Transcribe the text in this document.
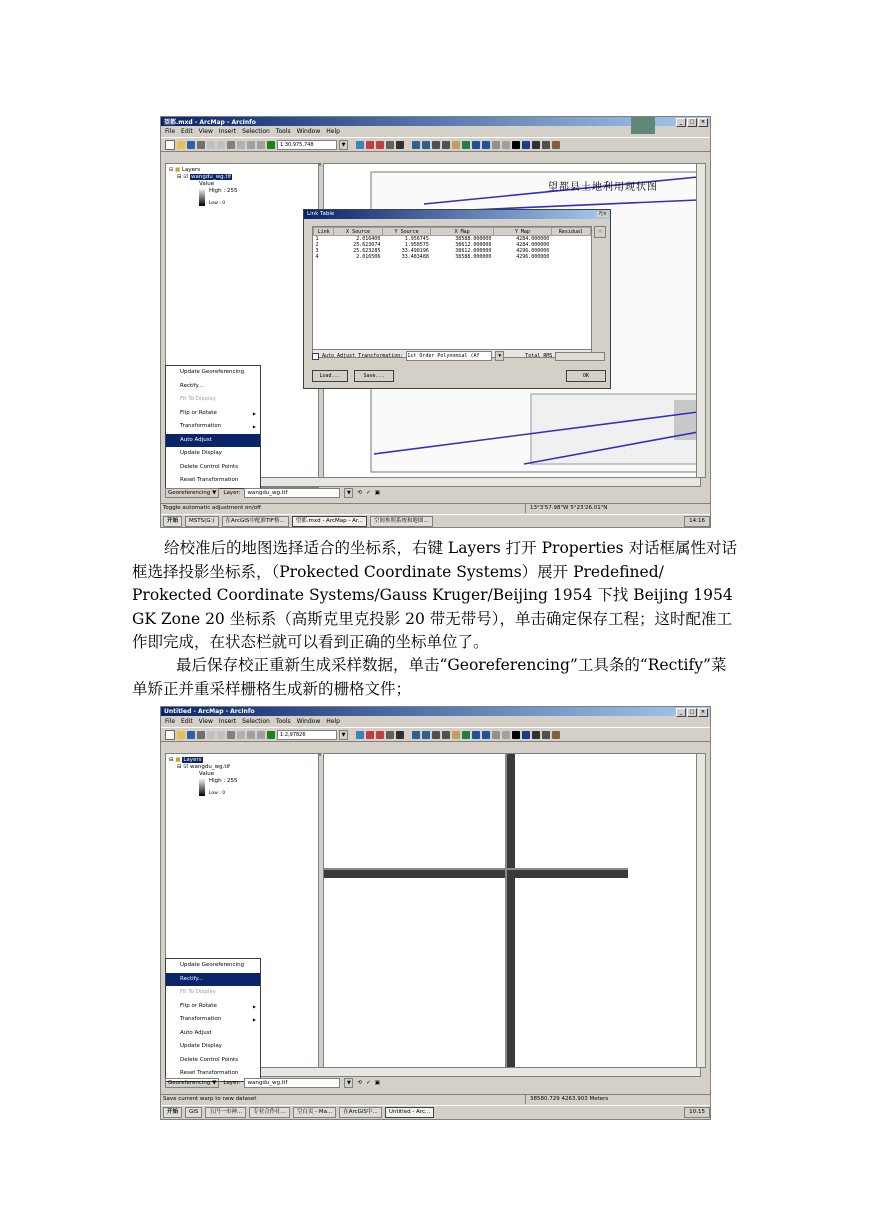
望都.mxd - ArcMap - ArcInfo	_	□	×
File Edit View Insert Selection Tools Window Help
1:30,975,748	▼
⊟ ■ Layers
⊟ ☑ wangdu_wg.tif
Value
High : 255
Low : 0
×
·
望都县土地利用现状图
Update Georeferencing
Rectify...
Fit To Display
Flip or Rotate ▶
Transformation ▶
Auto Adjust
Update Display
Delete Control Points
Reset Transformation
Georeferencing ▼	Layer:	wangdu_wg.tif	▼	⟲ ✓ ▣
Toggle automatic adjustment on/off	13°3'57.98"W 5°23'26.01"N
开始	MSTS(G:)	在ArcGIS中配准TIF格...	望都.mxd - ArcMap - Ar...	空间参照系统和地图...	14:16
Link Table	?|×
Link	X Source	Y Source	X Map	Y Map	Residual
1	2.016400	1.956745	38588.000000	4284.000000	
2	25.623074	1.958575	38612.000000	4284.000000	
3	25.623285	33.490196	38612.000000	4296.000000	
4	2.016506	33.483488	38588.000000	4296.000000	
×
Auto Adjust Transformation: 1st Order Polynomial (Af	▼	Total RMS
Load...	Save...	OK

给校准后的地图选择适合的坐标系，右键 Layers 打开 Properties 对话框属性对话框选择投影坐标系，（Prokected Coordinate Systems）展开 Predefined/ Prokected Coordinate Systems/Gauss Kruger/Beijing 1954 下找 Beijing 1954 GK Zone 20 坐标系（高斯克里克投影 20 带无带号），单击确定保存工程；这时配准工作即完成，在状态栏就可以看到正确的坐标单位了。

最后保存校正重新生成采样数据，单击“Georeferencing”工具条的“Rectify”菜单矫正并重采样栅格生成新的栅格文件；

Untitled - ArcMap - ArcInfo	_	□	×
File Edit View Insert Selection Tools Window Help
1:2,97826	▼
⊟ ■ Layers
⊟ ☑ wangdu_wg.tif
Value
High : 255
Low : 0
×
Update Georeferencing
Rectify...
Fit To Display
Flip or Rotate ▶
Transformation ▶
Auto Adjust
Update Display
Delete Control Points
Reset Transformation
Georeferencing ▼	Layer:	wangdu_wg.tif	▼	⟲ ✓ ▣
Save current warp to new dataset	38580.729 4263.903 Meters
开始	GIS	五円一市神...	专业合作社...	空白页 - Ma...	在ArcGIS中...	Untitled - Arc...	10:15
